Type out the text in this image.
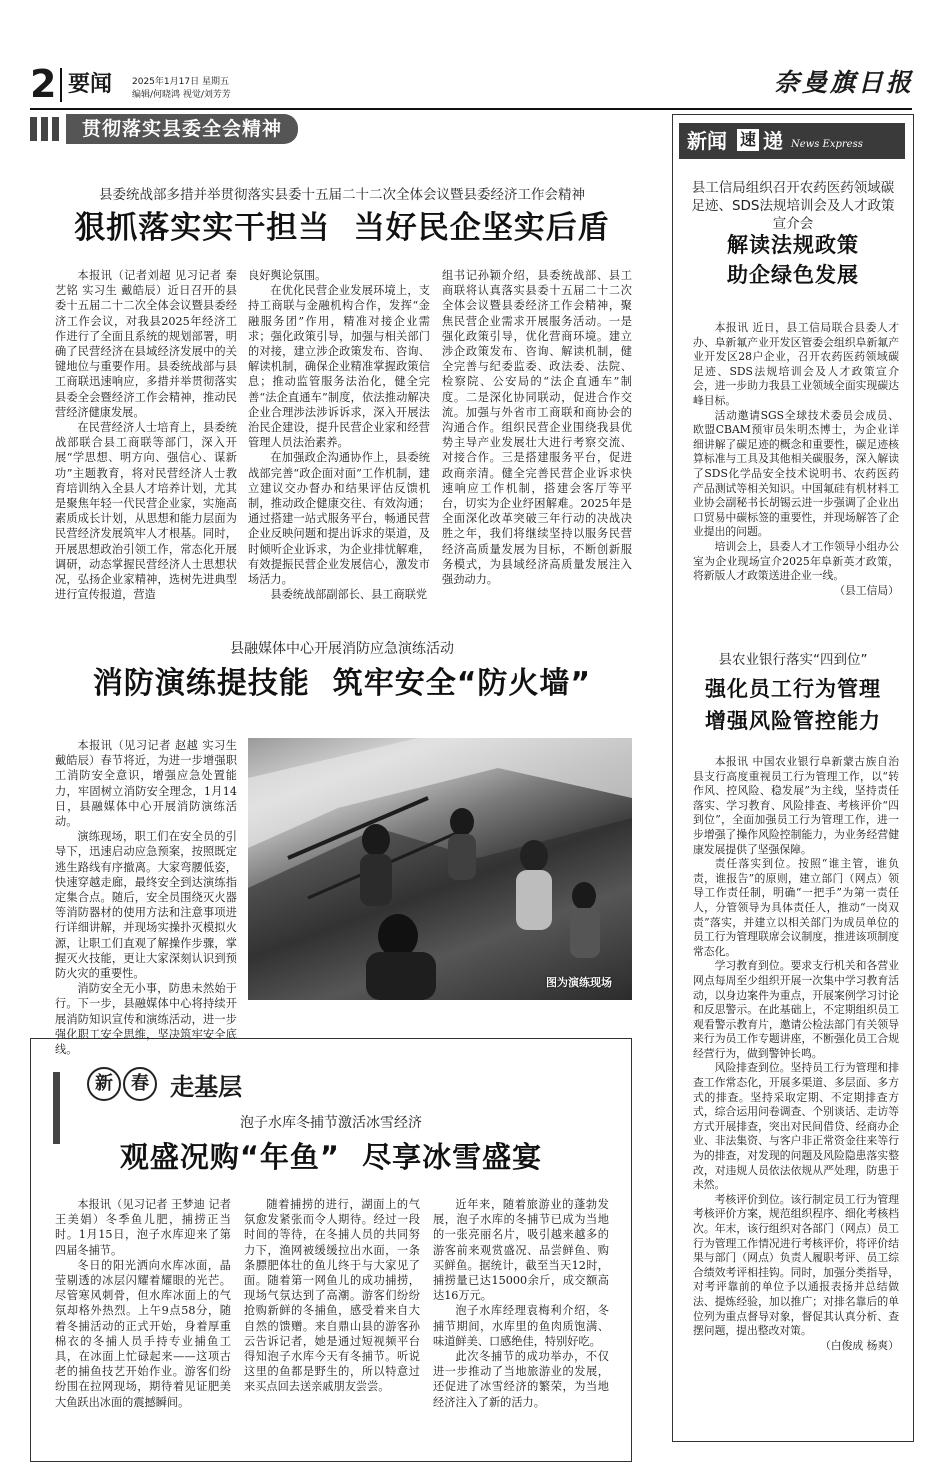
2 要闻 2025年1月17日 星期五
编辑/何晓鸿 视觉/刘芳芳	奈曼旗日报
贯彻落实县委全会精神
县委统战部多措并举贯彻落实县委十五届二十二次全体会议暨县委经济工作会精神
狠抓落实实干担当  当好民企坚实后盾

本报讯（记者刘超 见习记者 秦艺铭 实习生 戴皓辰）近日召开的县委十五届二十二次全体会议暨县委经济工作会议，对我县2025年经济工作进行了全面且系统的规划部署，明确了民营经济在县域经济发展中的关键地位与重要作用。县委统战部与县工商联迅速响应，多措并举贯彻落实县委全会暨经济工作会精神，推动民营经济健康发展。

在民营经济人士培育上，县委统战部联合县工商联等部门，深入开展“学思想、明方向、强信心、谋新功”主题教育，将对民营经济人士教育培训纳入全县人才培养计划，尤其是聚焦年轻一代民营企业家，实施高素质成长计划，从思想和能力层面为民营经济发展筑牢人才根基。同时，开展思想政治引领工作，常态化开展调研，动态掌握民营经济人士思想状况，弘扬企业家精神，选树先进典型进行宣传报道，营造

良好舆论氛围。

在优化民营企业发展环境上，支持工商联与金融机构合作，发挥“金融服务团”作用，精准对接企业需求；强化政策引导，加强与相关部门的对接，建立涉企政策发布、咨询、解读机制，确保企业精准掌握政策信息；推动监管服务法治化，健全完善“法企直通车”制度，依法推动解决企业合理涉法涉诉诉求，深入开展法治民企建设，提升民营企业家和经营管理人员法治素养。

在加强政企沟通协作上，县委统战部完善“政企面对面”工作机制，建立建议交办督办和结果评估反馈机制，推动政企健康交往、有效沟通；通过搭建一站式服务平台，畅通民营企业反映问题和提出诉求的渠道，及时倾听企业诉求，为企业排忧解难，有效提振民营企业发展信心，激发市场活力。

县委统战部副部长、县工商联党

组书记孙颖介绍，县委统战部、县工商联将认真落实县委十五届二十二次全体会议暨县委经济工作会精神，聚焦民营企业需求开展服务活动。一是强化政策引导，优化营商环境。建立涉企政策发布、咨询、解读机制，健全完善与纪委监委、政法委、法院、检察院、公安局的“法企直通车”制度。二是深化协同联动，促进合作交流。加强与外省市工商联和商协会的沟通合作。组织民营企业围绕我县优势主导产业发展壮大进行考察交流、对接合作。三是搭建服务平台，促进政商亲清。健全完善民营企业诉求快速响应工作机制，搭建会客厅等平台，切实为企业纾困解难。2025年是全面深化改革突破三年行动的决战决胜之年，我们将继续坚持以服务民营经济高质量发展为目标，不断创新服务模式，为县域经济高质量发展注入强劲动力。

县融媒体中心开展消防应急演练活动
消防演练提技能  筑牢安全“防火墙”

本报讯（见习记者 赵越 实习生 戴皓辰）春节将近，为进一步增强职工消防安全意识，增强应急处置能力，牢固树立消防安全理念，1月14日，县融媒体中心开展消防演练活动。

演练现场，职工们在安全员的引导下，迅速启动应急预案，按照既定逃生路线有序撤离。大家弯腰低姿，快速穿越走廊，最终安全到达演练指定集合点。随后，安全员围绕灭火器等消防器材的使用方法和注意事项进行详细讲解，并现场实操扑灭模拟火源，让职工们直观了解操作步骤，掌握灭火技能，更让大家深刻认识到预防火灾的重要性。

消防安全无小事，防患未然始于行。下一步，县融媒体中心将持续开展消防知识宣传和演练活动，进一步强化职工安全思维，坚决筑牢安全底线。

图为演练现场
新 春 走基层
泡子水库冬捕节激活冰雪经济
观盛况购“年鱼”  尽享冰雪盛宴

本报讯（见习记者 王梦迪 记者 王美娟）冬季鱼儿肥，捕捞正当时。1月15日，泡子水库迎来了第四届冬捕节。

冬日的阳光洒向水库冰面，晶莹剔透的冰层闪耀着耀眼的光芒。尽管寒风刺骨，但水库冰面上的气氛却格外热烈。上午9点58分，随着冬捕活动的正式开始，身着厚重棉衣的冬捕人员手持专业捕鱼工具，在冰面上忙碌起来——这项古老的捕鱼技艺开始作业。游客们纷纷围在拉网现场，期待着见证肥美大鱼跃出冰面的震撼瞬间。

随着捕捞的进行，湖面上的气氛愈发紧张而令人期待。经过一段时间的等待，在冬捕人员的共同努力下，渔网被缓缓拉出水面，一条条膘肥体壮的鱼儿终于与大家见了面。随着第一网鱼儿的成功捕捞，现场气氛达到了高潮。游客们纷纷抢购新鲜的冬捕鱼，感受着来自大自然的馈赠。来自鼎山县的游客孙云告诉记者，她是通过短视频平台得知泡子水库今天有冬捕节。听说这里的鱼都是野生的，所以特意过来买点回去送亲戚朋友尝尝。

近年来，随着旅游业的蓬勃发展，泡子水库的冬捕节已成为当地的一张亮丽名片，吸引越来越多的游客前来观赏盛况、品尝鲜鱼、购买鲜鱼。据统计，截至当天12时，捕捞量已达15000余斤，成交额高达16万元。

泡子水库经理袁梅利介绍，冬捕节期间，水库里的鱼肉质饱满、味道鲜美、口感绝佳，特别好吃。

此次冬捕节的成功举办，不仅进一步推动了当地旅游业的发展，还促进了冰雪经济的繁荣，为当地经济注入了新的活力。

新闻 速 递 News Express
县工信局组织召开农药医药领域碳足迹、SDS法规培训会及人才政策宣介会
解读法规政策
助企绿色发展

本报讯 近日，县工信局联合县委人才办、阜新氟产业开发区管委会组织阜新氟产业开发区28户企业，召开农药医药领域碳足迹、SDS法规培训会及人才政策宣介会，进一步助力我县工业领域全面实现碳达峰目标。

活动邀请SGS全球技术委员会成员、欧盟CBAM预审员朱明杰博士，为企业详细讲解了碳足迹的概念和重要性，碳足迹核算标准与工具及其他相关碳服务，深入解读了SDS化学品安全技术说明书、农药医药产品测试等相关知识。中国氟硅有机材料工业协会副秘书长胡锡云进一步强调了企业出口贸易中碳标签的重要性，并现场解答了企业提出的问题。

培训会上，县委人才工作领导小组办公室为企业现场宣介2025年阜新英才政策，将新版人才政策送进企业一线。

（县工信局）

县农业银行落实“四到位”
强化员工行为管理
增强风险管控能力

本报讯 中国农业银行阜新蒙古族自治县支行高度重视员工行为管理工作，以“转作风、控风险、稳发展”为主线，坚持责任落实、学习教育、风险排查、考核评价“四到位”，全面加强员工行为管理工作，进一步增强了操作风险控制能力，为业务经营健康发展提供了坚强保障。

责任落实到位。按照“谁主管，谁负责，谁报告”的原则，建立部门（网点）领导工作责任制，明确“一把手”为第一责任人，分管领导为具体责任人，推动“一岗双责”落实，并建立以相关部门为成员单位的员工行为管理联席会议制度，推进该项制度常态化。

学习教育到位。要求支行机关和各营业网点每周至少组织开展一次集中学习教育活动，以身边案件为重点，开展案例学习讨论和反思警示。在此基础上，不定期组织员工观看警示教育片，邀请公检法部门有关领导来行为员工作专题讲座，不断强化员工合规经营行为，做到警钟长鸣。

风险排查到位。坚持员工行为管理和排查工作常态化，开展多渠道、多层面、多方式的排查。坚持采取定期、不定期排查方式，综合运用问卷调查、个别谈话、走访等方式开展排查，突出对民间借贷、经商办企业、非法集资、与客户非正常资金往来等行为的排查，对发现的问题及风险隐患落实整改，对违规人员依法依规从严处理，防患于未然。

考核评价到位。该行制定员工行为管理考核评价方案，规范组织程序、细化考核档次。年末，该行组织对各部门（网点）员工行为管理工作情况进行考核评价，将评价结果与部门（网点）负责人履职考评、员工综合绩效考评相挂钩。同时，加强分类指导，对考评靠前的单位予以通报表扬并总结做法、提炼经验，加以推广；对排名靠后的单位列为重点督导对象，督促其认真分析、查摆问题，提出整改对策。

（白俊成 杨爽）
